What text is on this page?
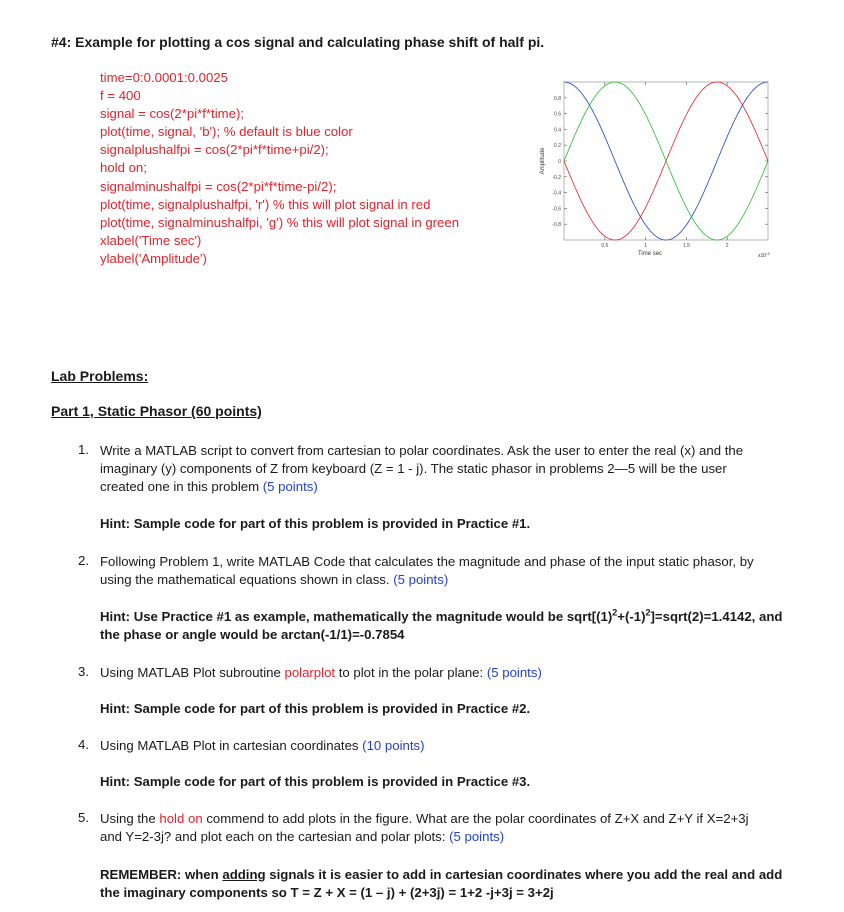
#4: Example for plotting a cos signal and calculating phase shift of half pi.
time=0:0.0001:0.0025
f = 400
signal = cos(2*pi*f*time);
plot(time, signal, 'b'); % default is blue color
signalplushalfpi = cos(2*pi*f*time+pi/2);
hold on;
signalminushalfpi = cos(2*pi*f*time-pi/2);
plot(time, signalplushalfpi, 'r') % this will plot signal in red
plot(time, signalminushalfpi, 'g') % this will plot signal in green
xlabel('Time sec')
ylabel('Amplitude')
0.8
0.6
0.4
0.2
0
-0.2
-0.4
-0.6
-0.8
0.5	1	1.5	2
Amplitude
Time sec	$x10^{-3}$
Lab Problems:
Part 1, Static Phasor (60 points)
1. Write a MATLAB script to convert from cartesian to polar coordinates. Ask the user to enter the real (x) and the
imaginary (y) components of Z from keyboard (Z = 1 - j). The static phasor in problems 2—5 will be the user
created one in this problem (5 points)
Hint: Sample code for part of this problem is provided in Practice #1.
2. Following Problem 1, write MATLAB Code that calculates the magnitude and phase of the input static phasor, by
using the mathematical equations shown in class. (5 points)
Hint: Use Practice #1 as example, mathematically the magnitude would be $sqrt[(1)^2+(-1)^2]=sqrt(2)=1.4142$, and
the phase or angle would be arctan(-1/1)=-0.7854
3. Using MATLAB Plot subroutine polarplot to plot in the polar plane: (5 points)
Hint: Sample code for part of this problem is provided in Practice #2.
4. Using MATLAB Plot in cartesian coordinates (10 points)
Hint: Sample code for part of this problem is provided in Practice #3.
5. Using the hold on commend to add plots in the figure. What are the polar coordinates of Z+X and Z+Y if X=2+3j
and Y=2-3j? and plot each on the cartesian and polar plots: (5 points)
REMEMBER: when adding signals it is easier to add in cartesian coordinates where you add the real and add
the imaginary components so T = Z + X = (1 – j) + (2+3j) = 1+2 -j+3j = 3+2j
